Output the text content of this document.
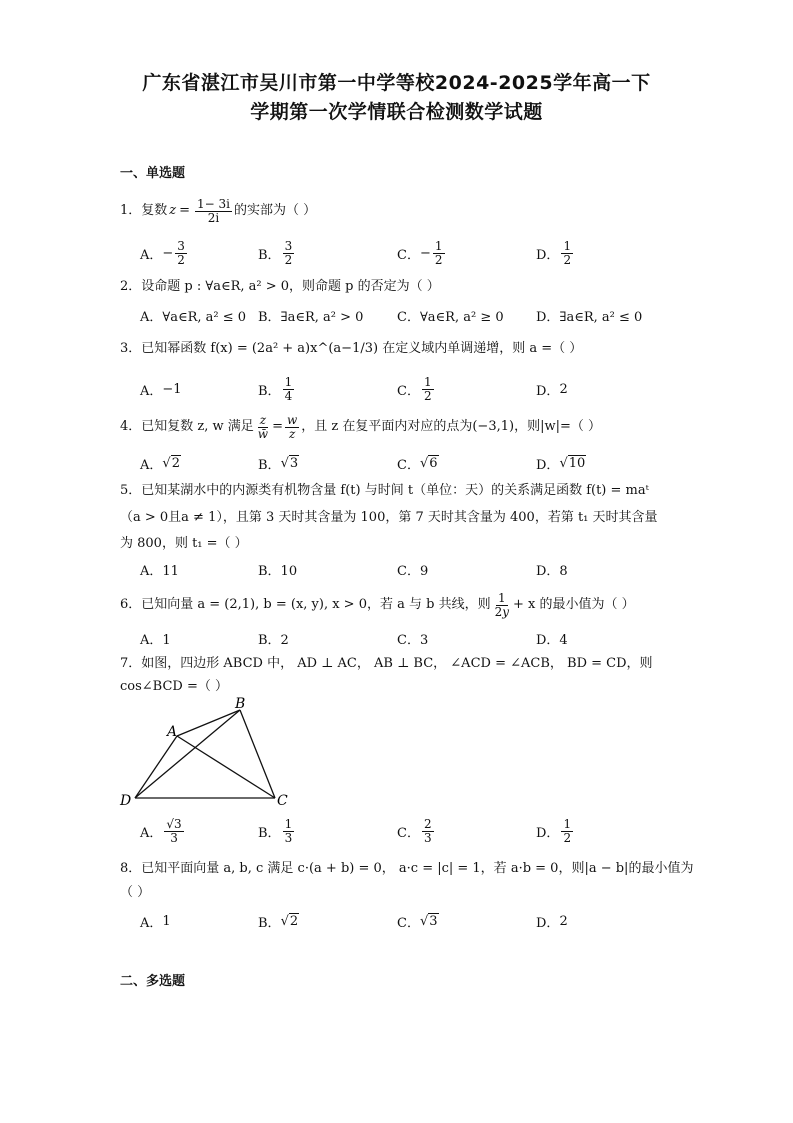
广东省湛江市吴川市第一中学等校2024-2025学年高一下
学期第一次学情联合检测数学试题
一、单选题
1．复数 $z = \frac{1- 3i}{2i}$ 的实部为（ ）
A． − $\frac{3}{2}$	B． $\frac{3}{2}$	C． − $\frac{1}{2}$	D． $\frac{1}{2}$
2．设命题 p : ∀a∈R, a² > 0，则命题 p 的否定为（ ）
A．∀a∈R, a² ≤ 0 B．∃a∈R, a² > 0	C．∀a∈R, a² ≥ 0 D．∃a∈R, a² ≤ 0
3．已知幂函数 f(x) = (2a² + a)x^(a−1/3) 在定义域内单调递增，则 a =（ ）
A． −1	B． $\frac{1}{4}$	C． $\frac{1}{2}$	D． 2
4．已知复数 z, w 满足 $\frac{z}{w̄} = \frac{w}{z}$ ，且 z 在复平面内对应的点为(−3,1)，则|w|=（ ）
A． √2	B． √3	C． √6	D． √10
5．已知某湖水中的内源类有机物含量 f(t) 与时间 t（单位：天）的关系满足函数 f(t) = maᵗ
（a > 0且a ≠ 1），且第 3 天时其含量为 100，第 7 天时其含量为 400，若第 t₁ 天时其含量
为 800，则 t₁ =（ ）
A．11	B．10	C．9	D．8
6．已知向量 a = (2,1), b = (x, y), x > 0，若 a 与 b 共线，则 $\frac{1}{2y} + x$ 的最小值为（ ）
A．1	B．2	C．3	D．4
7．如图，四边形 ABCD 中， AD ⊥ AC， AB ⊥ BC， ∠ACD = ∠ACB， BD = CD，则
cos∠BCD =（ ）
A
B
C
D
A． $\frac{√3}{3}$	B． $\frac{1}{3}$	C． $\frac{2}{3}$	D． $\frac{1}{2}$
8．已知平面向量 a, b, c 满足 c·(a + b) = 0， a·c = |c| = 1，若 a·b = 0，则|a − b|的最小值为
（ ）
A． 1	B． √2	C． √3	D． 2
二、多选题
